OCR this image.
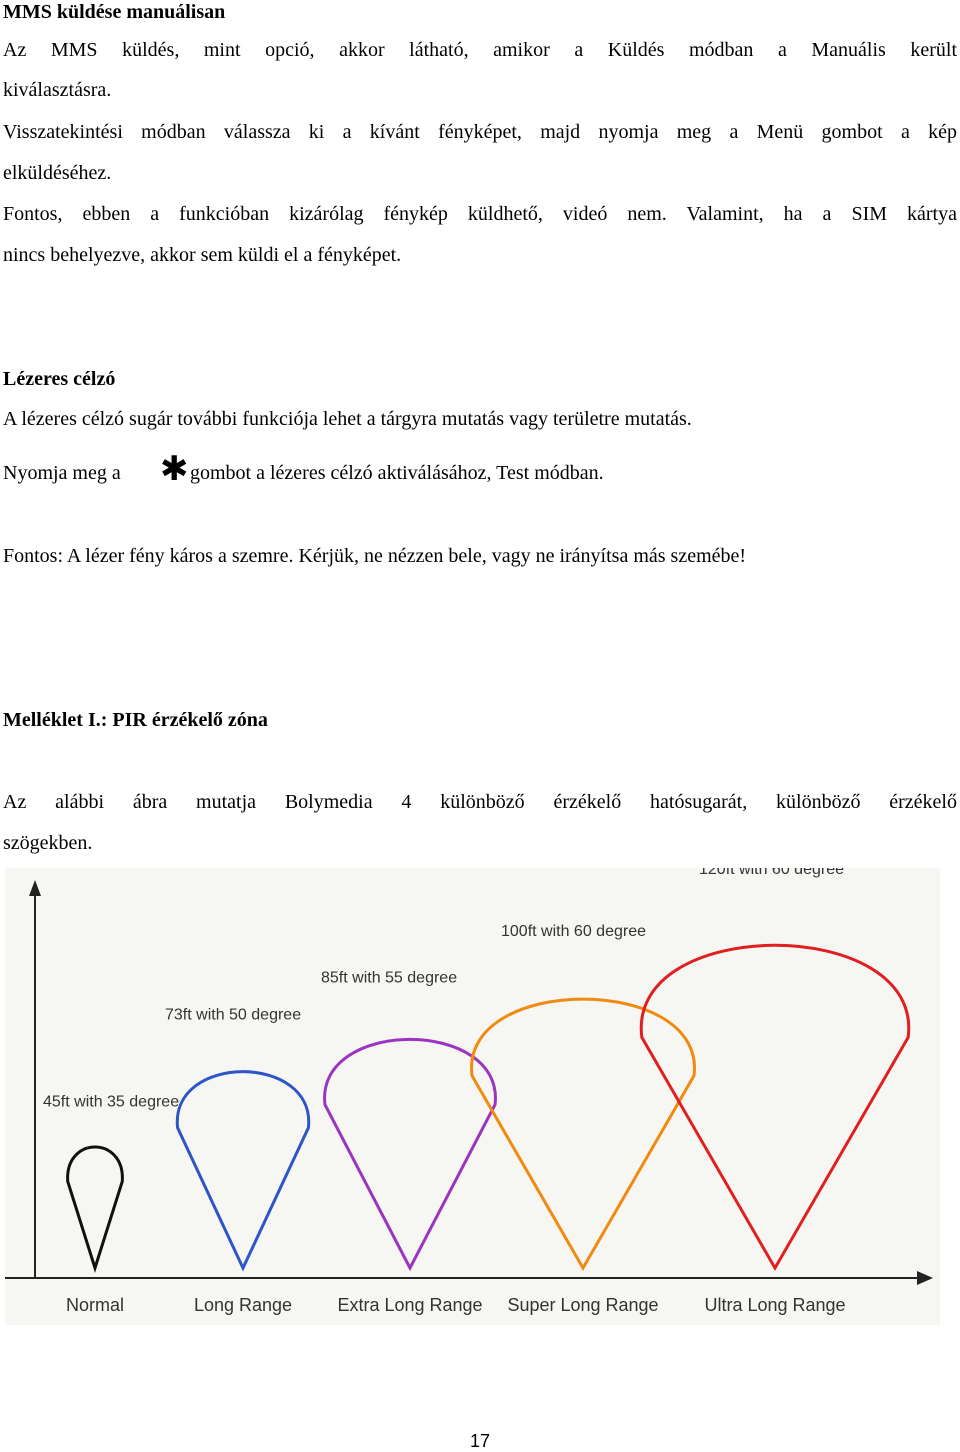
MMS küldése manuálisan
Az MMS küldés, mint opció, akkor látható, amikor a Küldés módban a Manuális került
kiválasztásra.
Visszatekintési módban válassza ki a kívánt fényképet, majd nyomja meg a Menü gombot a kép
elküldéséhez.
Fontos, ebben a funkcióban kizárólag fénykép küldhető, videó nem. Valamint, ha a SIM kártya
nincs behelyezve, akkor sem küldi el a fényképet.
Lézeres célzó
A lézeres célzó sugár további funkciója lehet a tárgyra mutatás vagy területre mutatás.
Nyomja meg a ✱ gombot a lézeres célzó aktiválásához, Test módban.
Fontos: A lézer fény káros a szemre. Kérjük, ne nézzen bele, vagy ne irányítsa más szemébe!
Melléklet I.: PIR érzékelő zóna
Az alábbi ábra mutatja Bolymedia 4 különböző érzékelő hatósugarát, különböző érzékelő
szögekben.
45ft with 35 degree
Normal
73ft with 50 degree
Long Range
85ft with 55 degree
Extra Long Range
100ft with 60 degree
Super Long Range
120ft with 60 degree
Ultra Long Range
17
